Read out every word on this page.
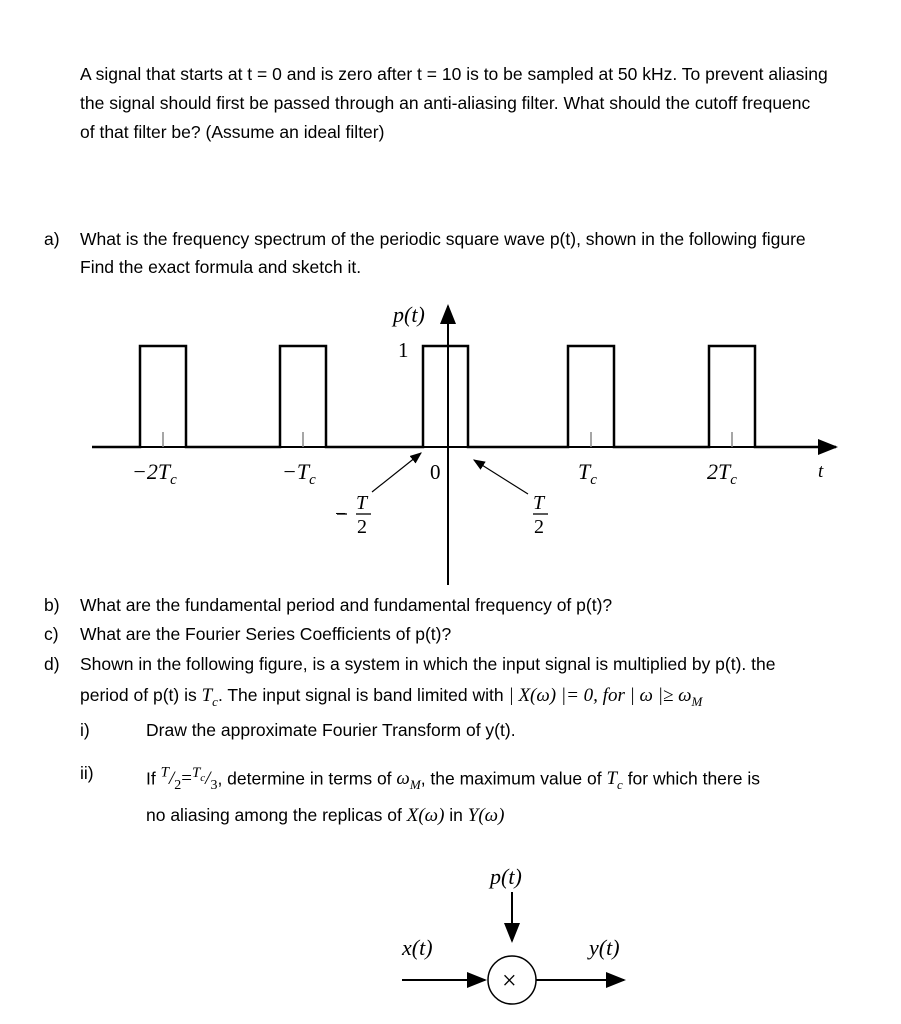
A signal that starts at t = 0 and is zero after t = 10 is to be sampled at 50 kHz. To prevent aliasing
the signal should first be passed through an anti-aliasing filter. What should the cutoff frequenc
of that filter be? (Assume an ideal filter)
a) What is the frequency spectrum of the periodic square wave p(t), shown in the following figure
Find the exact formula and sketch it.
p(t)
1
$-2T_c$	$-T_c$	0	$T_c$	$2T_c$	t
− T
2
T
2
b) What are the fundamental period and fundamental frequency of p(t)?
c) What are the Fourier Series Coefficients of p(t)?
d) Shown in the following figure, is a system in which the input signal is multiplied by p(t). the
period of p(t) is $T_c$. The input signal is band limited with | X(ω) |= 0, for | ω |≥ $\omega_M$
i)	Draw the approximate Fourier Transform of y(t).
ii)	If $^T/_2=^{T_c}/_3$, determine in terms of $\omega_M$, the maximum value of $T_c$ for which there is
no aliasing among the replicas of X(ω) in Y(ω)
p(t)
x(t)
×
y(t)
